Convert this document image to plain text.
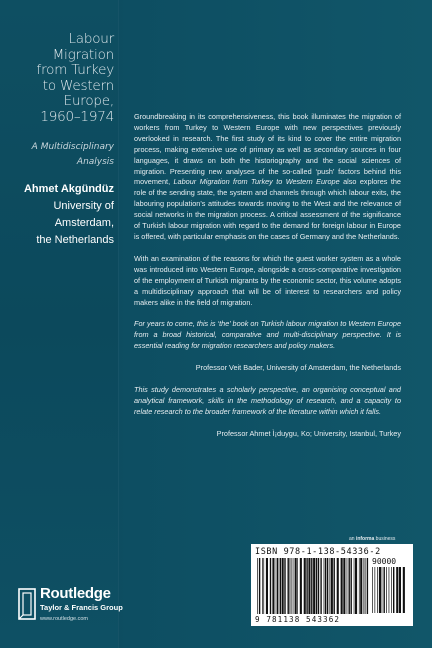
Labour
Migration
from Turkey
to Western
Europe,
1960–1974
A Multidisciplinary
Analysis
Ahmet Akgündüz
University of
Amsterdam,
the Netherlands

Groundbreaking in its comprehensiveness, this book illuminates the migration of workers from Turkey to Western Europe with new perspectives previously overlooked in research. The first study of its kind to cover the entire migration process, making extensive use of primary as well as secondary sources in four languages, it draws on both the historiography and the social sciences of migration. Presenting new analyses of the so-called ‘push’ factors behind this movement, Labour Migration from Turkey to Western Europe also explores the role of the sending state, the system and channels through which labour exits, the labouring population’s attitudes towards moving to the West and the relevance of social networks in the migration process. A critical assessment of the significance of Turkish labour migration with regard to the demand for foreign labour in Europe is offered, with particular emphasis on the cases of Germany and the Netherlands.

With an examination of the reasons for which the guest worker system as a whole was introduced into Western Europe, alongside a cross-comparative investigation of the employment of Turkish migrants by the economic sector, this volume adopts a multidisciplinary approach that will be of interest to researchers and policy makers alike in the field of migration.

For years to come, this is ‘the’ book on Turkish labour migration to Western Europe from a broad historical, comparative and multi-disciplinary perspective. It is essential reading for migration researchers and policy makers.

Professor Veit Bader, University of Amsterdam, the Netherlands

This study demonstrates a scholarly perspective, an organising conceptual and analytical framework, skills in the methodology of research, and a capacity to relate research to the broader framework of the literature within which it falls.

Professor Ahmet Ì¡duygu, Ko; University, Istanbul, Turkey

an informa business
ISBN 978-1-138-54336-2
90000
9 781138 543362
Routledge
Taylor & Francis Group
www.routledge.com
